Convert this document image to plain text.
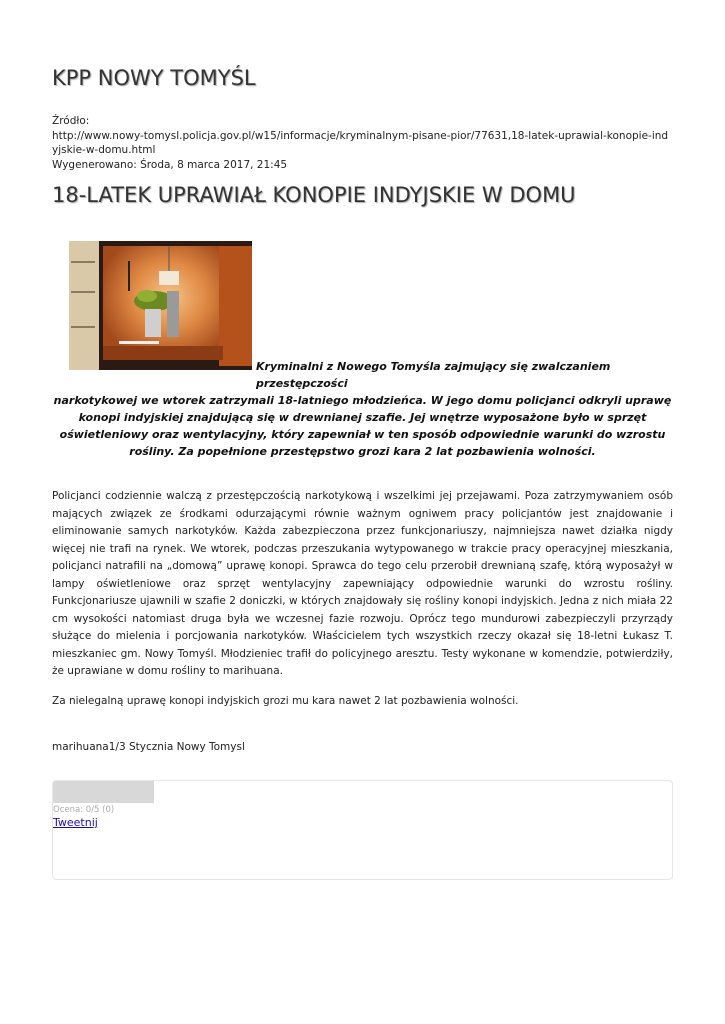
KPP NOWY TOMYŚL
Źródło:
http://www.nowy-tomysl.policja.gov.pl/w15/informacje/kryminalnym-pisane-pior/77631,18-latek-uprawial-konopie-indyjskie-w-domu.html
Wygenerowano: Środa, 8 marca 2017, 21:45
18-LATEK UPRAWIAŁ KONOPIE INDYJSKIE W DOMU
Kryminalni z Nowego Tomyśla zajmujący się zwalczaniem przestępczości
narkotykowej we wtorek zatrzymali 18-latniego młodzieńca. W jego domu policjanci odkryli uprawę konopi indyjskiej znajdującą się w drewnianej szafie. Jej wnętrze wyposażone było w sprzęt oświetleniowy oraz wentylacyjny, który zapewniał w ten sposób odpowiednie warunki do wzrostu rośliny. Za popełnione przestępstwo grozi kara 2 lat pozbawienia wolności.

Policjanci codziennie walczą z przestępczością narkotykową i wszelkimi jej przejawami. Poza zatrzymywaniem osób mających związek ze środkami odurzającymi równie ważnym ogniwem pracy policjantów jest znajdowanie i eliminowanie samych narkotyków. Każda zabezpieczona przez funkcjonariuszy, najmniejsza nawet działka nigdy więcej nie trafi na rynek. We wtorek, podczas przeszukania wytypowanego w trakcie pracy operacyjnej mieszkania, policjanci natrafili na „domową” uprawę konopi. Sprawca do tego celu przerobił drewnianą szafę, którą wyposażył w lampy oświetleniowe oraz sprzęt wentylacyjny zapewniający odpowiednie warunki do wzrostu rośliny. Funkcjonariusze ujawnili w szafie 2 doniczki, w których znajdowały się rośliny konopi indyjskich. Jedna z nich miała 22 cm wysokości natomiast druga była we wczesnej fazie rozwoju. Oprócz tego mundurowi zabezpieczyli przyrządy służące do mielenia i porcjowania narkotyków. Właścicielem tych wszystkich rzeczy okazał się 18-letni Łukasz T. mieszkaniec gm. Nowy Tomyśl. Młodzieniec trafił do policyjnego aresztu. Testy wykonane w komendzie, potwierdziły, że uprawiane w domu rośliny to marihuana.

Za nielegalną uprawę konopi indyjskich grozi mu kara nawet 2 lat pozbawienia wolności.

marihuana1/3 Stycznia Nowy Tomysl
Ocena: 0/5 (0)
Tweetnij
